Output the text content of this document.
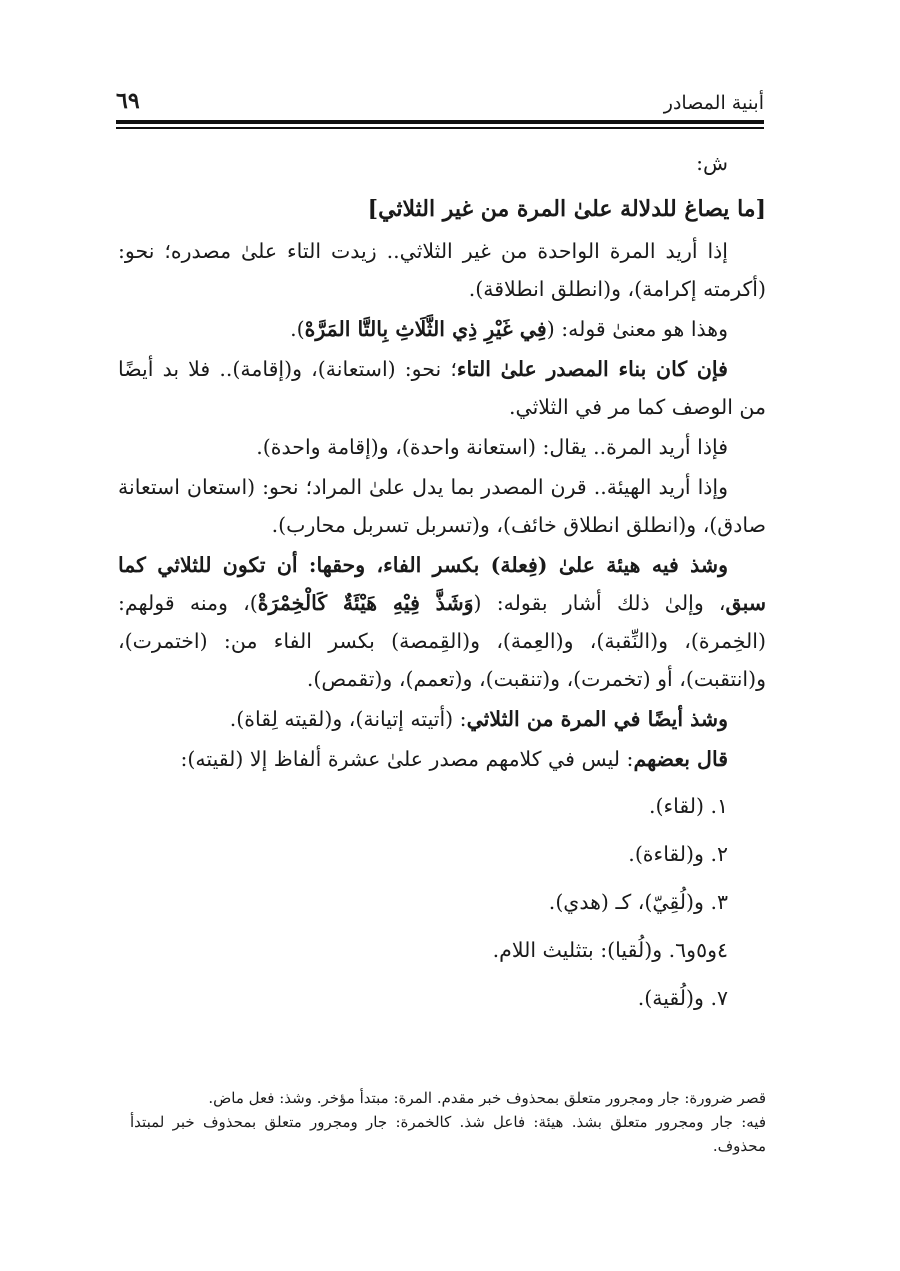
أبنية المصادر
٦٩

ش:

[ما يصاغ للدلالة علىٰ المرة من غير الثلاثي]

إذا أريد المرة الواحدة من غير الثلاثي.. زيدت التاء علىٰ مصدره؛ نحو: (أكرمته إكرامة)، و(انطلق انطلاقة).

وهذا هو معنىٰ قوله: (فِي غَيْرِ ذِي الثَّلَاثِ بِالتَّا المَرَّهْ).

فإن كان بناء المصدر علىٰ التاء؛ نحو: (استعانة)، و(إقامة).. فلا بد أيضًا من الوصف كما مر في الثلاثي.

فإذا أريد المرة.. يقال: (استعانة واحدة)، و(إقامة واحدة).

وإذا أريد الهيئة.. قرن المصدر بما يدل علىٰ المراد؛ نحو: (استعان استعانة صادق)، و(انطلق انطلاق خائف)، و(تسربل تسربل محارب).

وشذ فيه هيئة علىٰ (فِعلة) بكسر الفاء، وحقها: أن تكون للثلاثي كما سبق، وإلىٰ ذلك أشار بقوله: (وَشَذَّ فِيْهِ هَيْئَةٌ كَالْخِمْرَةْ)، ومنه قولهم: (الخِمرة)، و(النِّقبة)، و(العِمة)، و(القِمصة) بكسر الفاء من: (اختمرت)، و(انتقبت)، أو (تخمرت)، و(تنقبت)، و(تعمم)، و(تقمص).

وشذ أيضًا في المرة من الثلاثي: (أتيته إتيانة)، و(لقيته لِقاة).

قال بعضهم: ليس في كلامهم مصدر علىٰ عشرة ألفاظ إلا (لقيته):

١. (لقاء).
٢. و(لقاءة).
٣. و(لُقِيّ)، كـ (هدي).
٤و٥و٦. و(لُقيا): بتثليث اللام.
٧. و(لُقية).

قصر ضرورة: جار ومجرور متعلق بمحذوف خبر مقدم. المرة: مبتدأ مؤخر. وشذ: فعل ماض.

فيه: جار ومجرور متعلق بشذ. هيئة: فاعل شذ. كالخمرة: جار ومجرور متعلق بمحذوف خبر لمبتدأ محذوف.
